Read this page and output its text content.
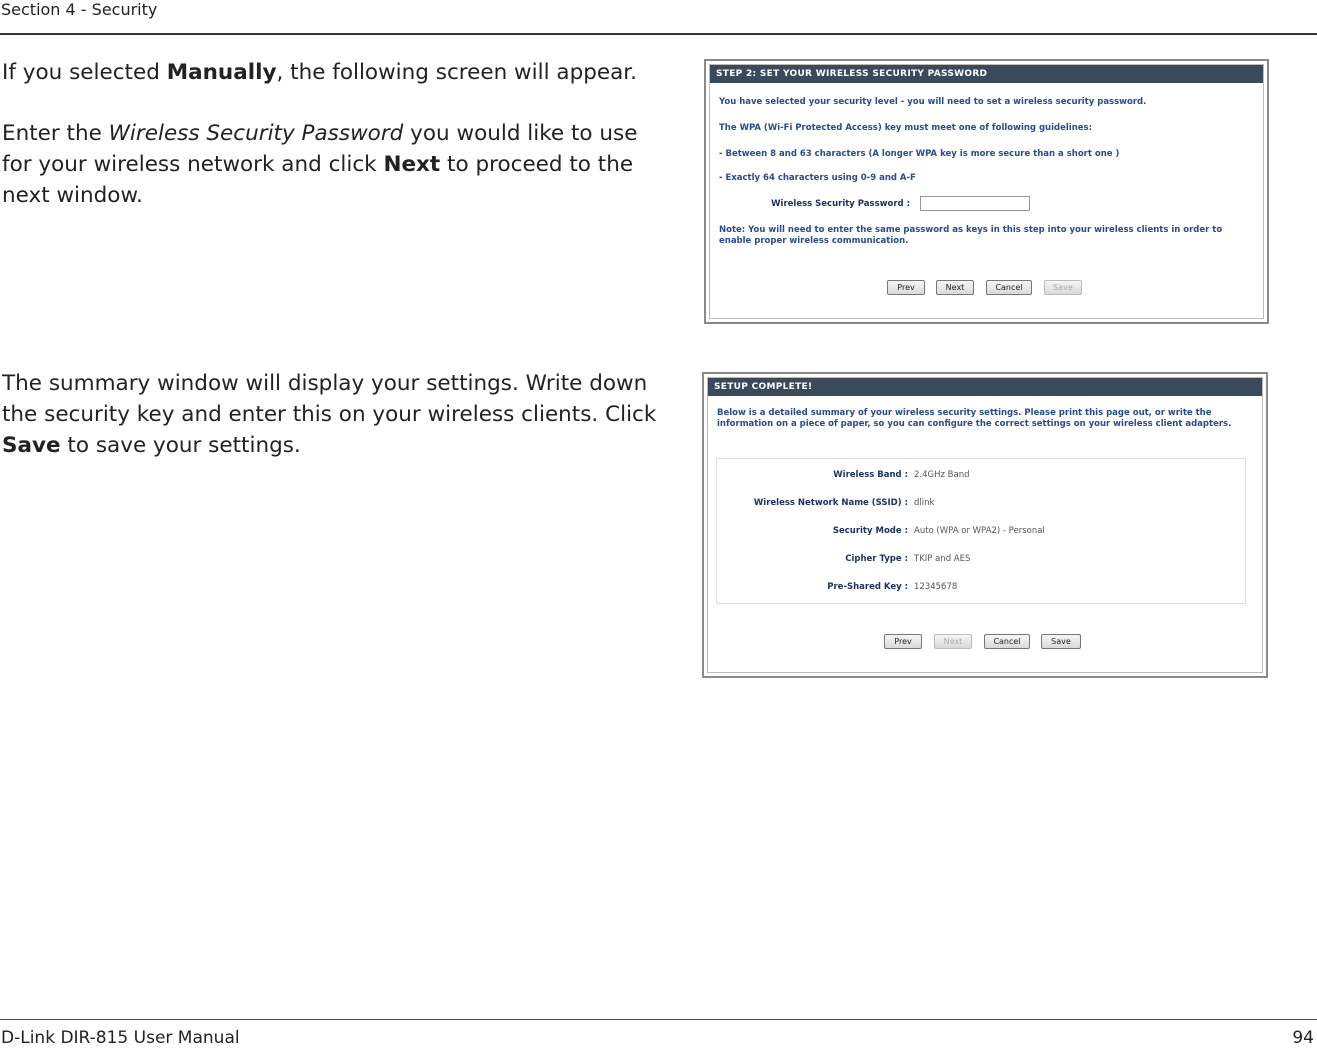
Section 4 - Security
If you selected Manually, the following screen will appear.
Enter the Wireless Security Password you would like to use for your wireless network and click Next to proceed to the next window.
The summary window will display your settings. Write down the security key and enter this on your wireless clients. Click Save to save your settings.
STEP 2: SET YOUR WIRELESS SECURITY PASSWORD
You have selected your security level - you will need to set a wireless security password.
The WPA (Wi-Fi Protected Access) key must meet one of following guidelines:
- Between 8 and 63 characters (A longer WPA key is more secure than a short one )
- Exactly 64 characters using 0-9 and A-F
Wireless Security Password :
Note: You will need to enter the same password as keys in this step into your wireless clients in order to enable proper wireless communication.
Prev	Next	Cancel	Save
SETUP COMPLETE!
Below is a detailed summary of your wireless security settings. Please print this page out, or write the information on a piece of paper, so you can configure the correct settings on your wireless client adapters.
Wireless Band : 2.4GHz Band
Wireless Network Name (SSID) : dlink
Security Mode : Auto (WPA or WPA2) - Personal
Cipher Type : TKIP and AES
Pre-Shared Key : 12345678
Prev	Next	Cancel	Save
D-Link DIR-815 User Manual	94
